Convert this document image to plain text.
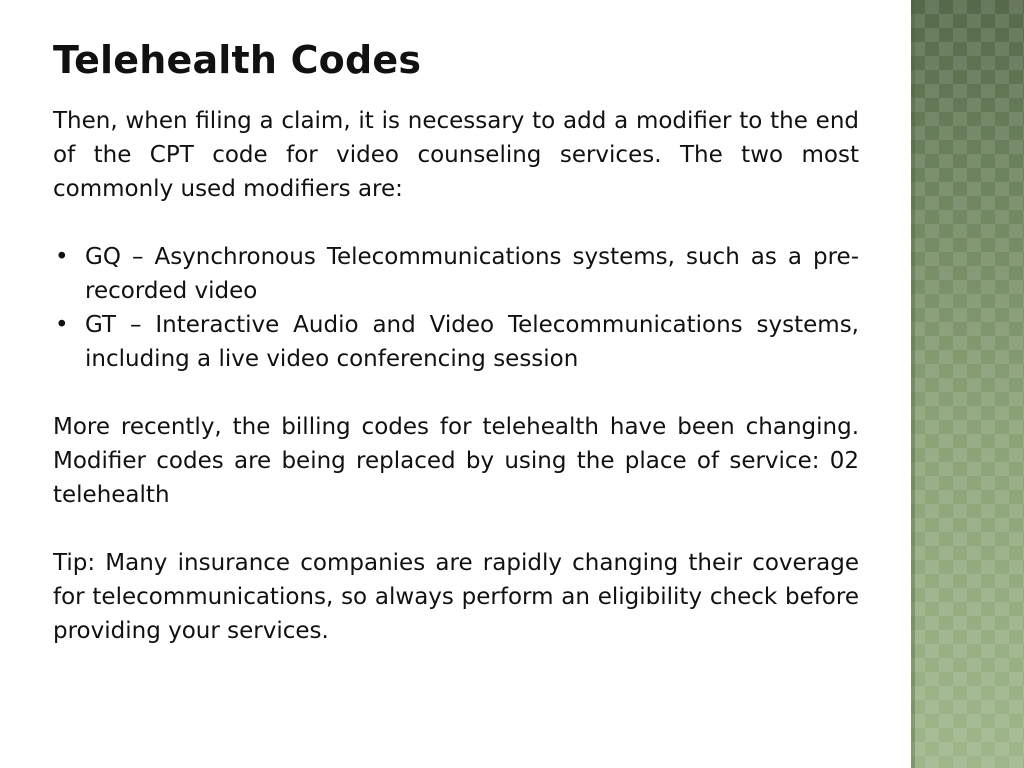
Telehealth Codes

Then, when filing a claim, it is necessary to add a modifier to the end of the CPT code for video counseling services. The two most commonly used modifiers are:

• GQ – Asynchronous Telecommunications systems, such as a pre-recorded video
• GT – Interactive Audio and Video Telecommunications systems, including a live video conferencing session

More recently, the billing codes for telehealth have been changing. Modifier codes are being replaced by using the place of service: 02 telehealth

Tip: Many insurance companies are rapidly changing their coverage for telecommunications, so always perform an eligibility check before providing your services.
